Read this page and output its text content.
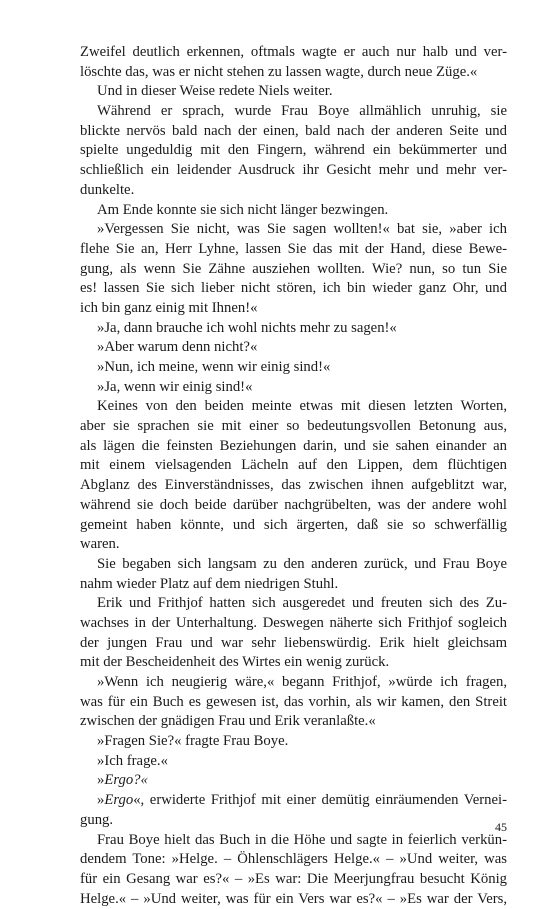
Zweifel deutlich erkennen, oftmals wagte er auch nur halb und ver-
löschte das, was er nicht stehen zu lassen wagte, durch neue Züge.«
Und in dieser Weise redete Niels weiter.
Während er sprach, wurde Frau Boye allmählich unruhig, sie
blickte nervös bald nach der einen, bald nach der anderen Seite und
spielte ungeduldig mit den Fingern, während ein bekümmerter und
schließlich ein leidender Ausdruck ihr Gesicht mehr und mehr ver-
dunkelte.
Am Ende konnte sie sich nicht länger bezwingen.
»Vergessen Sie nicht, was Sie sagen wollten!« bat sie, »aber ich
flehe Sie an, Herr Lyhne, lassen Sie das mit der Hand, diese Bewe-
gung, als wenn Sie Zähne ausziehen wollten. Wie? nun, so tun Sie
es! lassen Sie sich lieber nicht stören, ich bin wieder ganz Ohr, und
ich bin ganz einig mit Ihnen!«
»Ja, dann brauche ich wohl nichts mehr zu sagen!«
»Aber warum denn nicht?«
»Nun, ich meine, wenn wir einig sind!«
»Ja, wenn wir einig sind!«
Keines von den beiden meinte etwas mit diesen letzten Worten,
aber sie sprachen sie mit einer so bedeutungsvollen Betonung aus,
als lägen die feinsten Beziehungen darin, und sie sahen einander an
mit einem vielsagenden Lächeln auf den Lippen, dem flüchtigen
Abglanz des Einverständnisses, das zwischen ihnen aufgeblitzt war,
während sie doch beide darüber nachgrübelten, was der andere wohl
gemeint haben könnte, und sich ärgerten, daß sie so schwerfällig
waren.
Sie begaben sich langsam zu den anderen zurück, und Frau Boye
nahm wieder Platz auf dem niedrigen Stuhl.
Erik und Frithjof hatten sich ausgeredet und freuten sich des Zu-
wachses in der Unterhaltung. Deswegen näherte sich Frithjof sogleich
der jungen Frau und war sehr liebenswürdig. Erik hielt gleichsam
mit der Bescheidenheit des Wirtes ein wenig zurück.
»Wenn ich neugierig wäre,« begann Frithjof, »würde ich fragen,
was für ein Buch es gewesen ist, das vorhin, als wir kamen, den Streit
zwischen der gnädigen Frau und Erik veranlaßte.«
»Fragen Sie?« fragte Frau Boye.
»Ich frage.«
»Ergo?«
»Ergo«, erwiderte Frithjof mit einer demütig einräumenden Vernei-
gung.
Frau Boye hielt das Buch in die Höhe und sagte in feierlich verkün-
dendem Tone: »Helge. – Öhlenschlägers Helge.« – »Und weiter, was
für ein Gesang war es?« – »Es war: Die Meerjungfrau besucht König
Helge.« – »Und weiter, was für ein Vers war es?« – »Es war der Vers,
45
